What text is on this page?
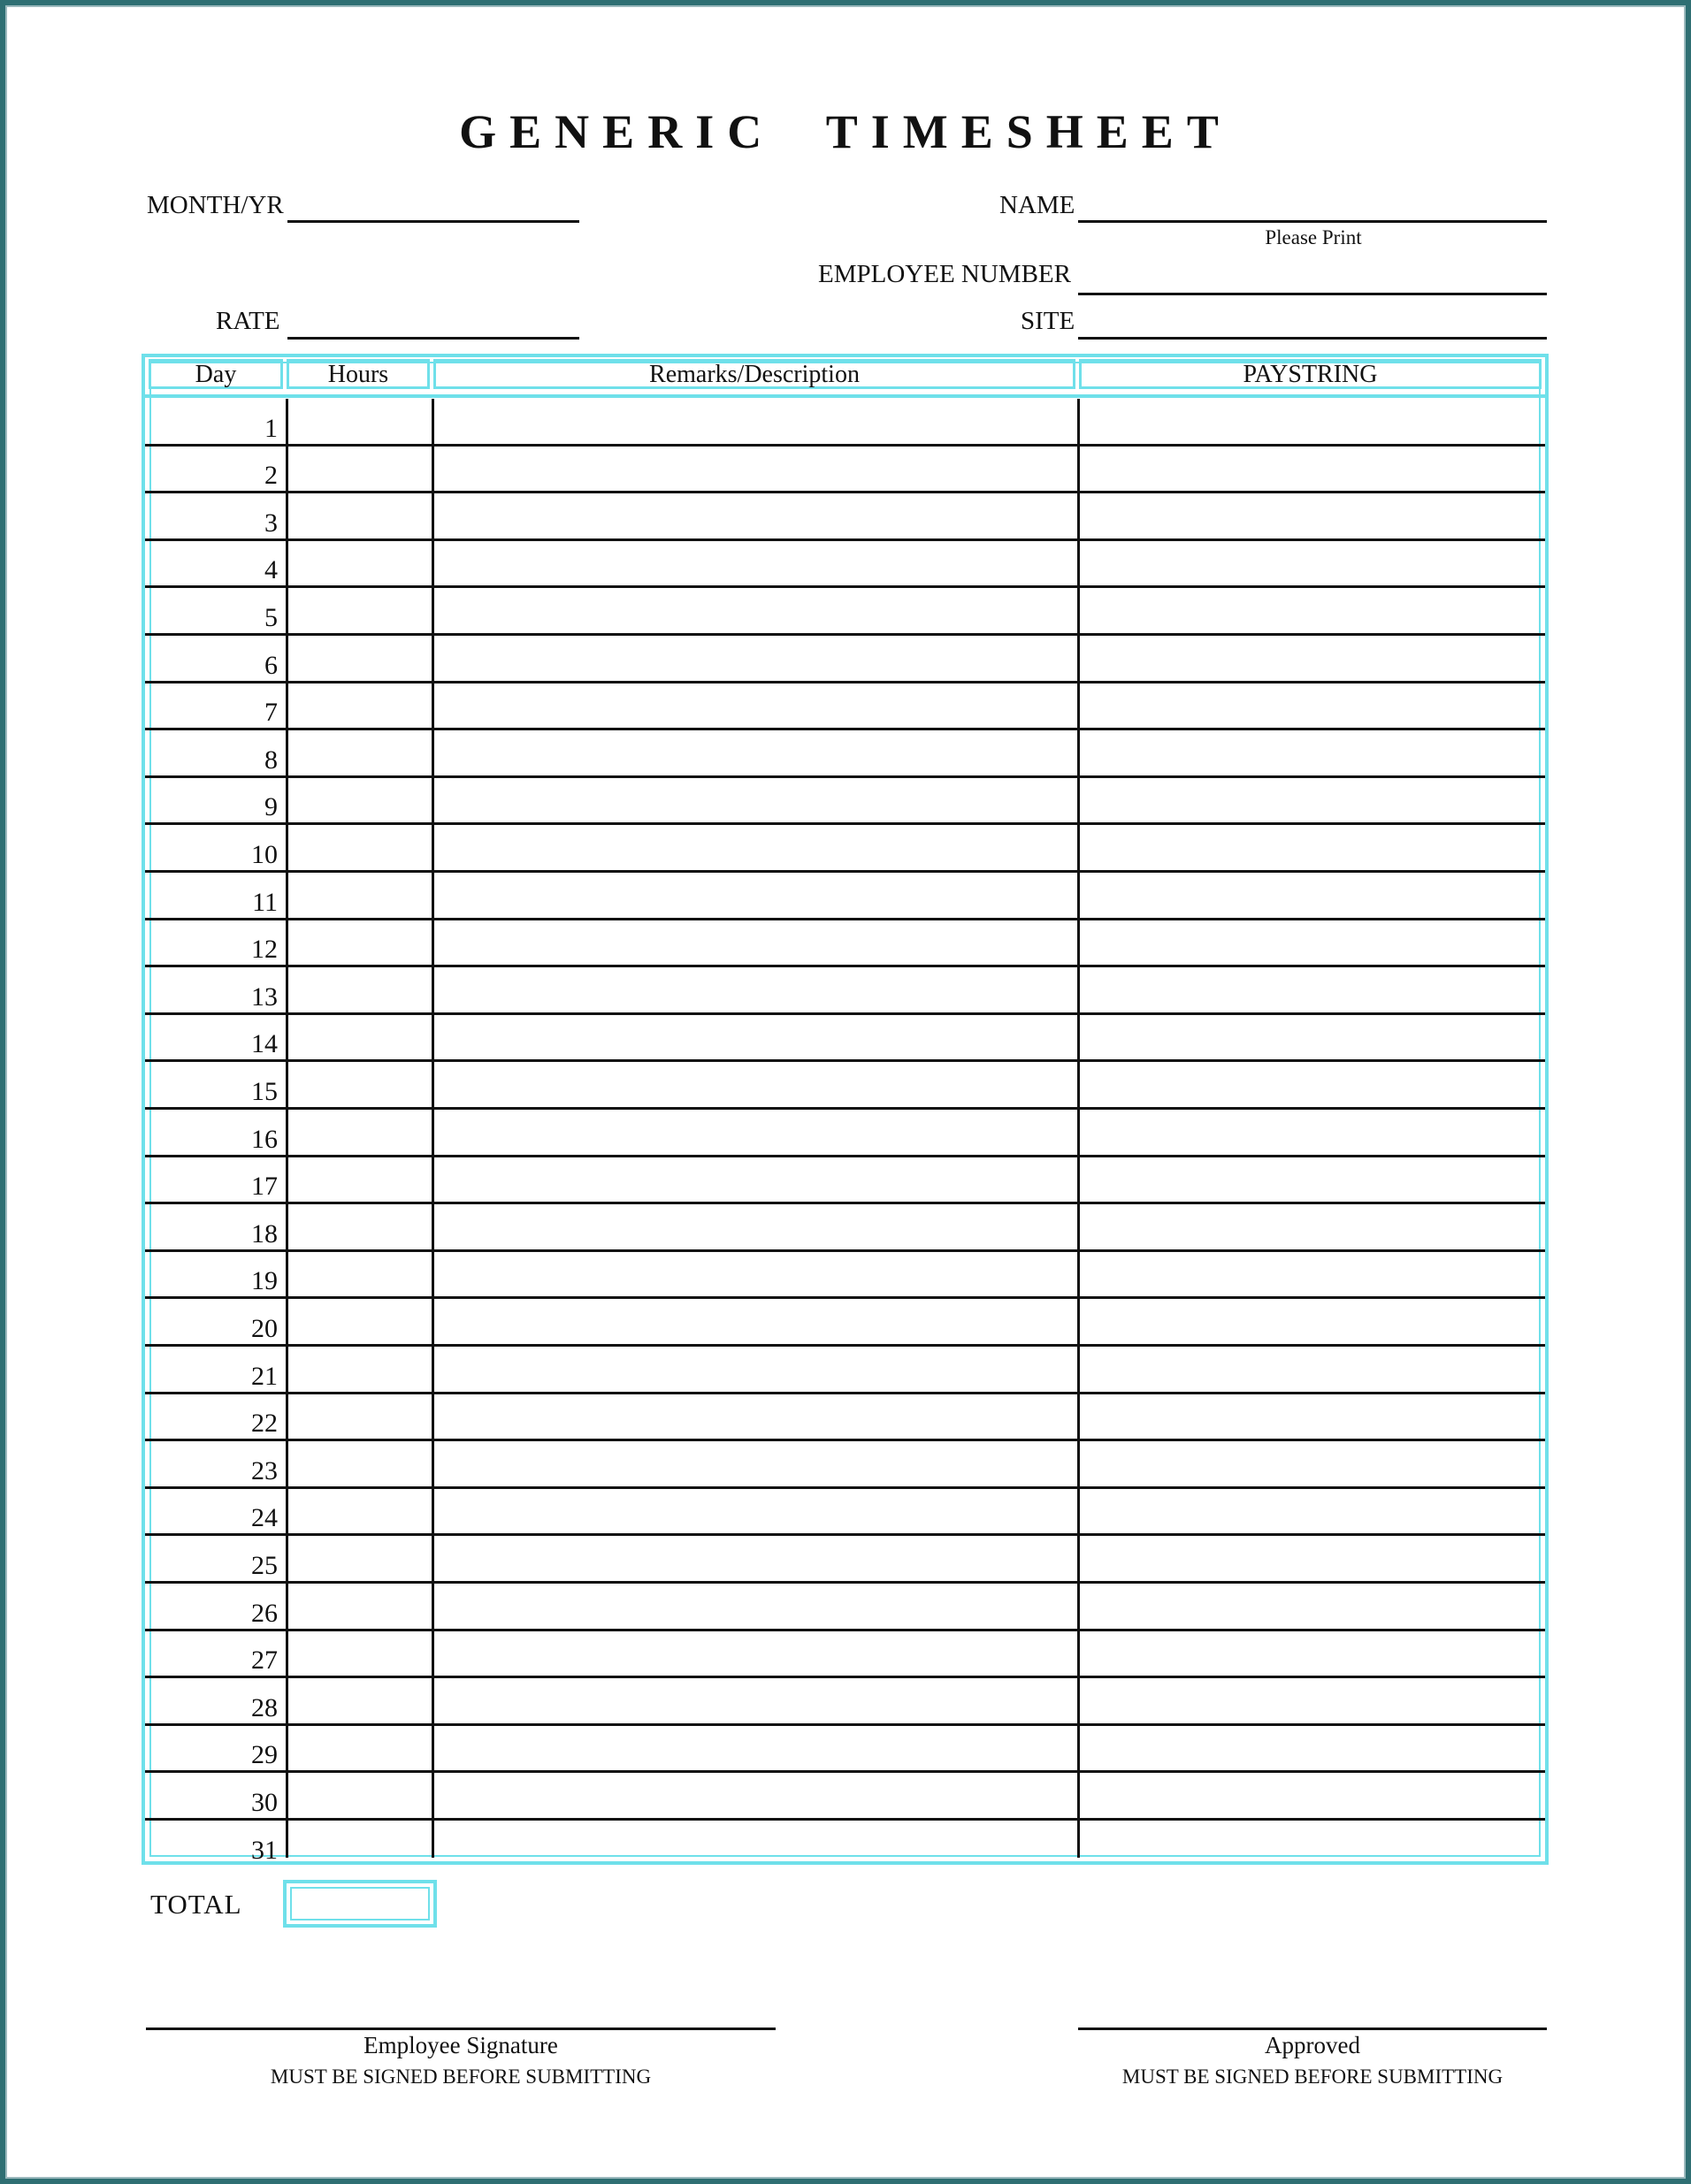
GENERIC TIMESHEET
MONTH/YR	NAME
Please Print
EMPLOYEE NUMBER
RATE	SITE
Day	Hours	Remarks/Description	PAYSTRING
1
2
3
4
5
6
7
8
9
10
11
12
13
14
15
16
17
18
19
20
21
22
23
24
25
26
27
28
29
30
31
TOTAL
Employee Signature
MUST BE SIGNED BEFORE SUBMITTING
Approved
MUST BE SIGNED BEFORE SUBMITTING
